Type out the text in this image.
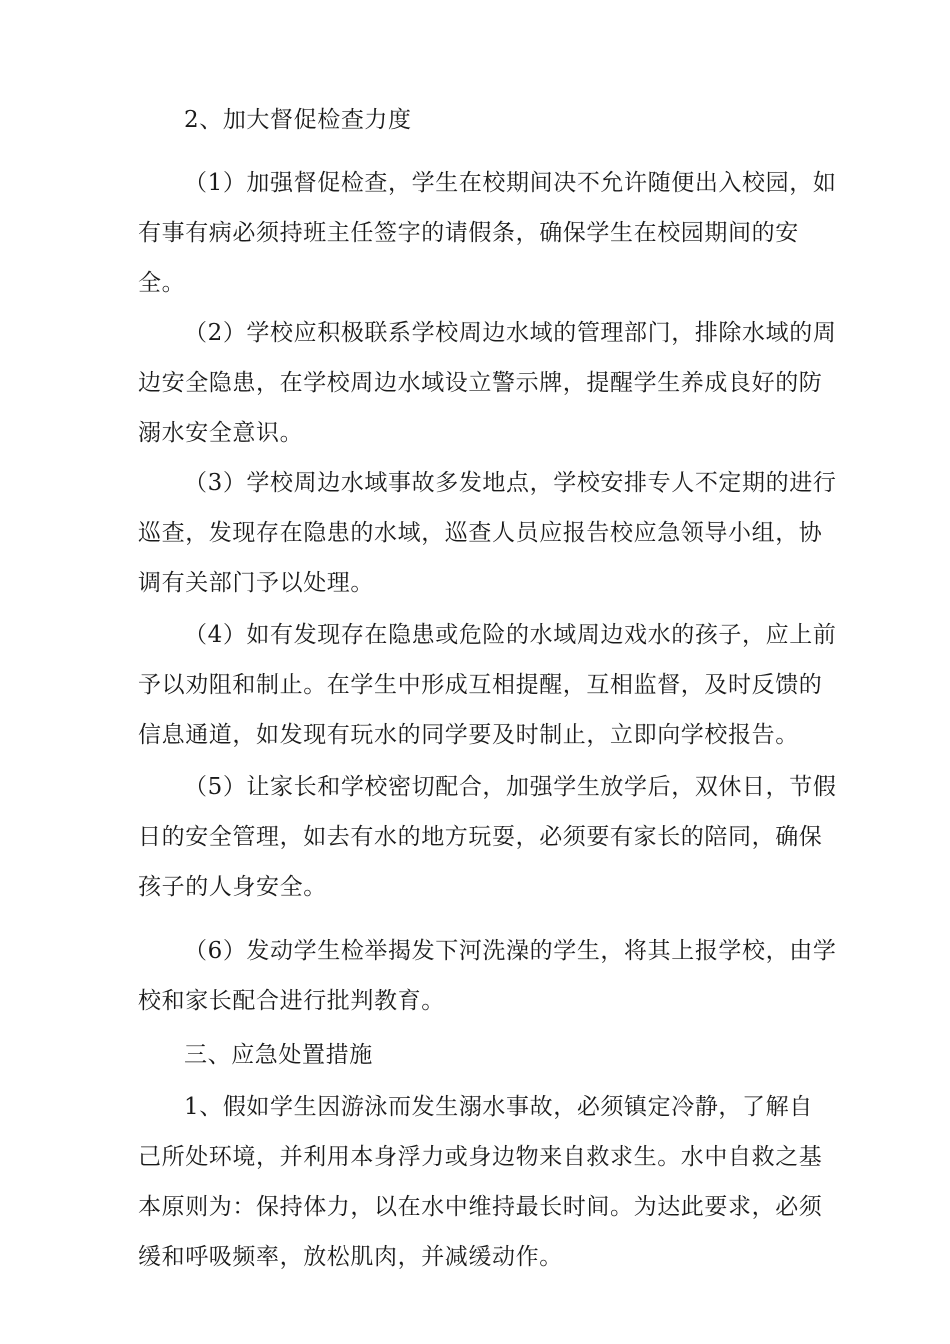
2、加大督促检查力度
（1）加强督促检查，学生在校期间决不允许随便出入校园，如
有事有病必须持班主任签字的请假条，确保学生在校园期间的安
全。
（2）学校应积极联系学校周边水域的管理部门，排除水域的周
边安全隐患，在学校周边水域设立警示牌，提醒学生养成良好的防
溺水安全意识。
（3）学校周边水域事故多发地点，学校安排专人不定期的进行
巡查，发现存在隐患的水域，巡查人员应报告校应急领导小组，协
调有关部门予以处理。
（4）如有发现存在隐患或危险的水域周边戏水的孩子，应上前
予以劝阻和制止。在学生中形成互相提醒，互相监督，及时反馈的
信息通道，如发现有玩水的同学要及时制止，立即向学校报告。
（5）让家长和学校密切配合，加强学生放学后，双休日，节假
日的安全管理，如去有水的地方玩耍，必须要有家长的陪同，确保
孩子的人身安全。
（6）发动学生检举揭发下河洗澡的学生，将其上报学校，由学
校和家长配合进行批判教育。
三、应急处置措施
1、假如学生因游泳而发生溺水事故，必须镇定冷静，了解自
己所处环境，并利用本身浮力或身边物来自救求生。水中自救之基
本原则为：保持体力，以在水中维持最长时间。为达此要求，必须
缓和呼吸频率，放松肌肉，并减缓动作。
